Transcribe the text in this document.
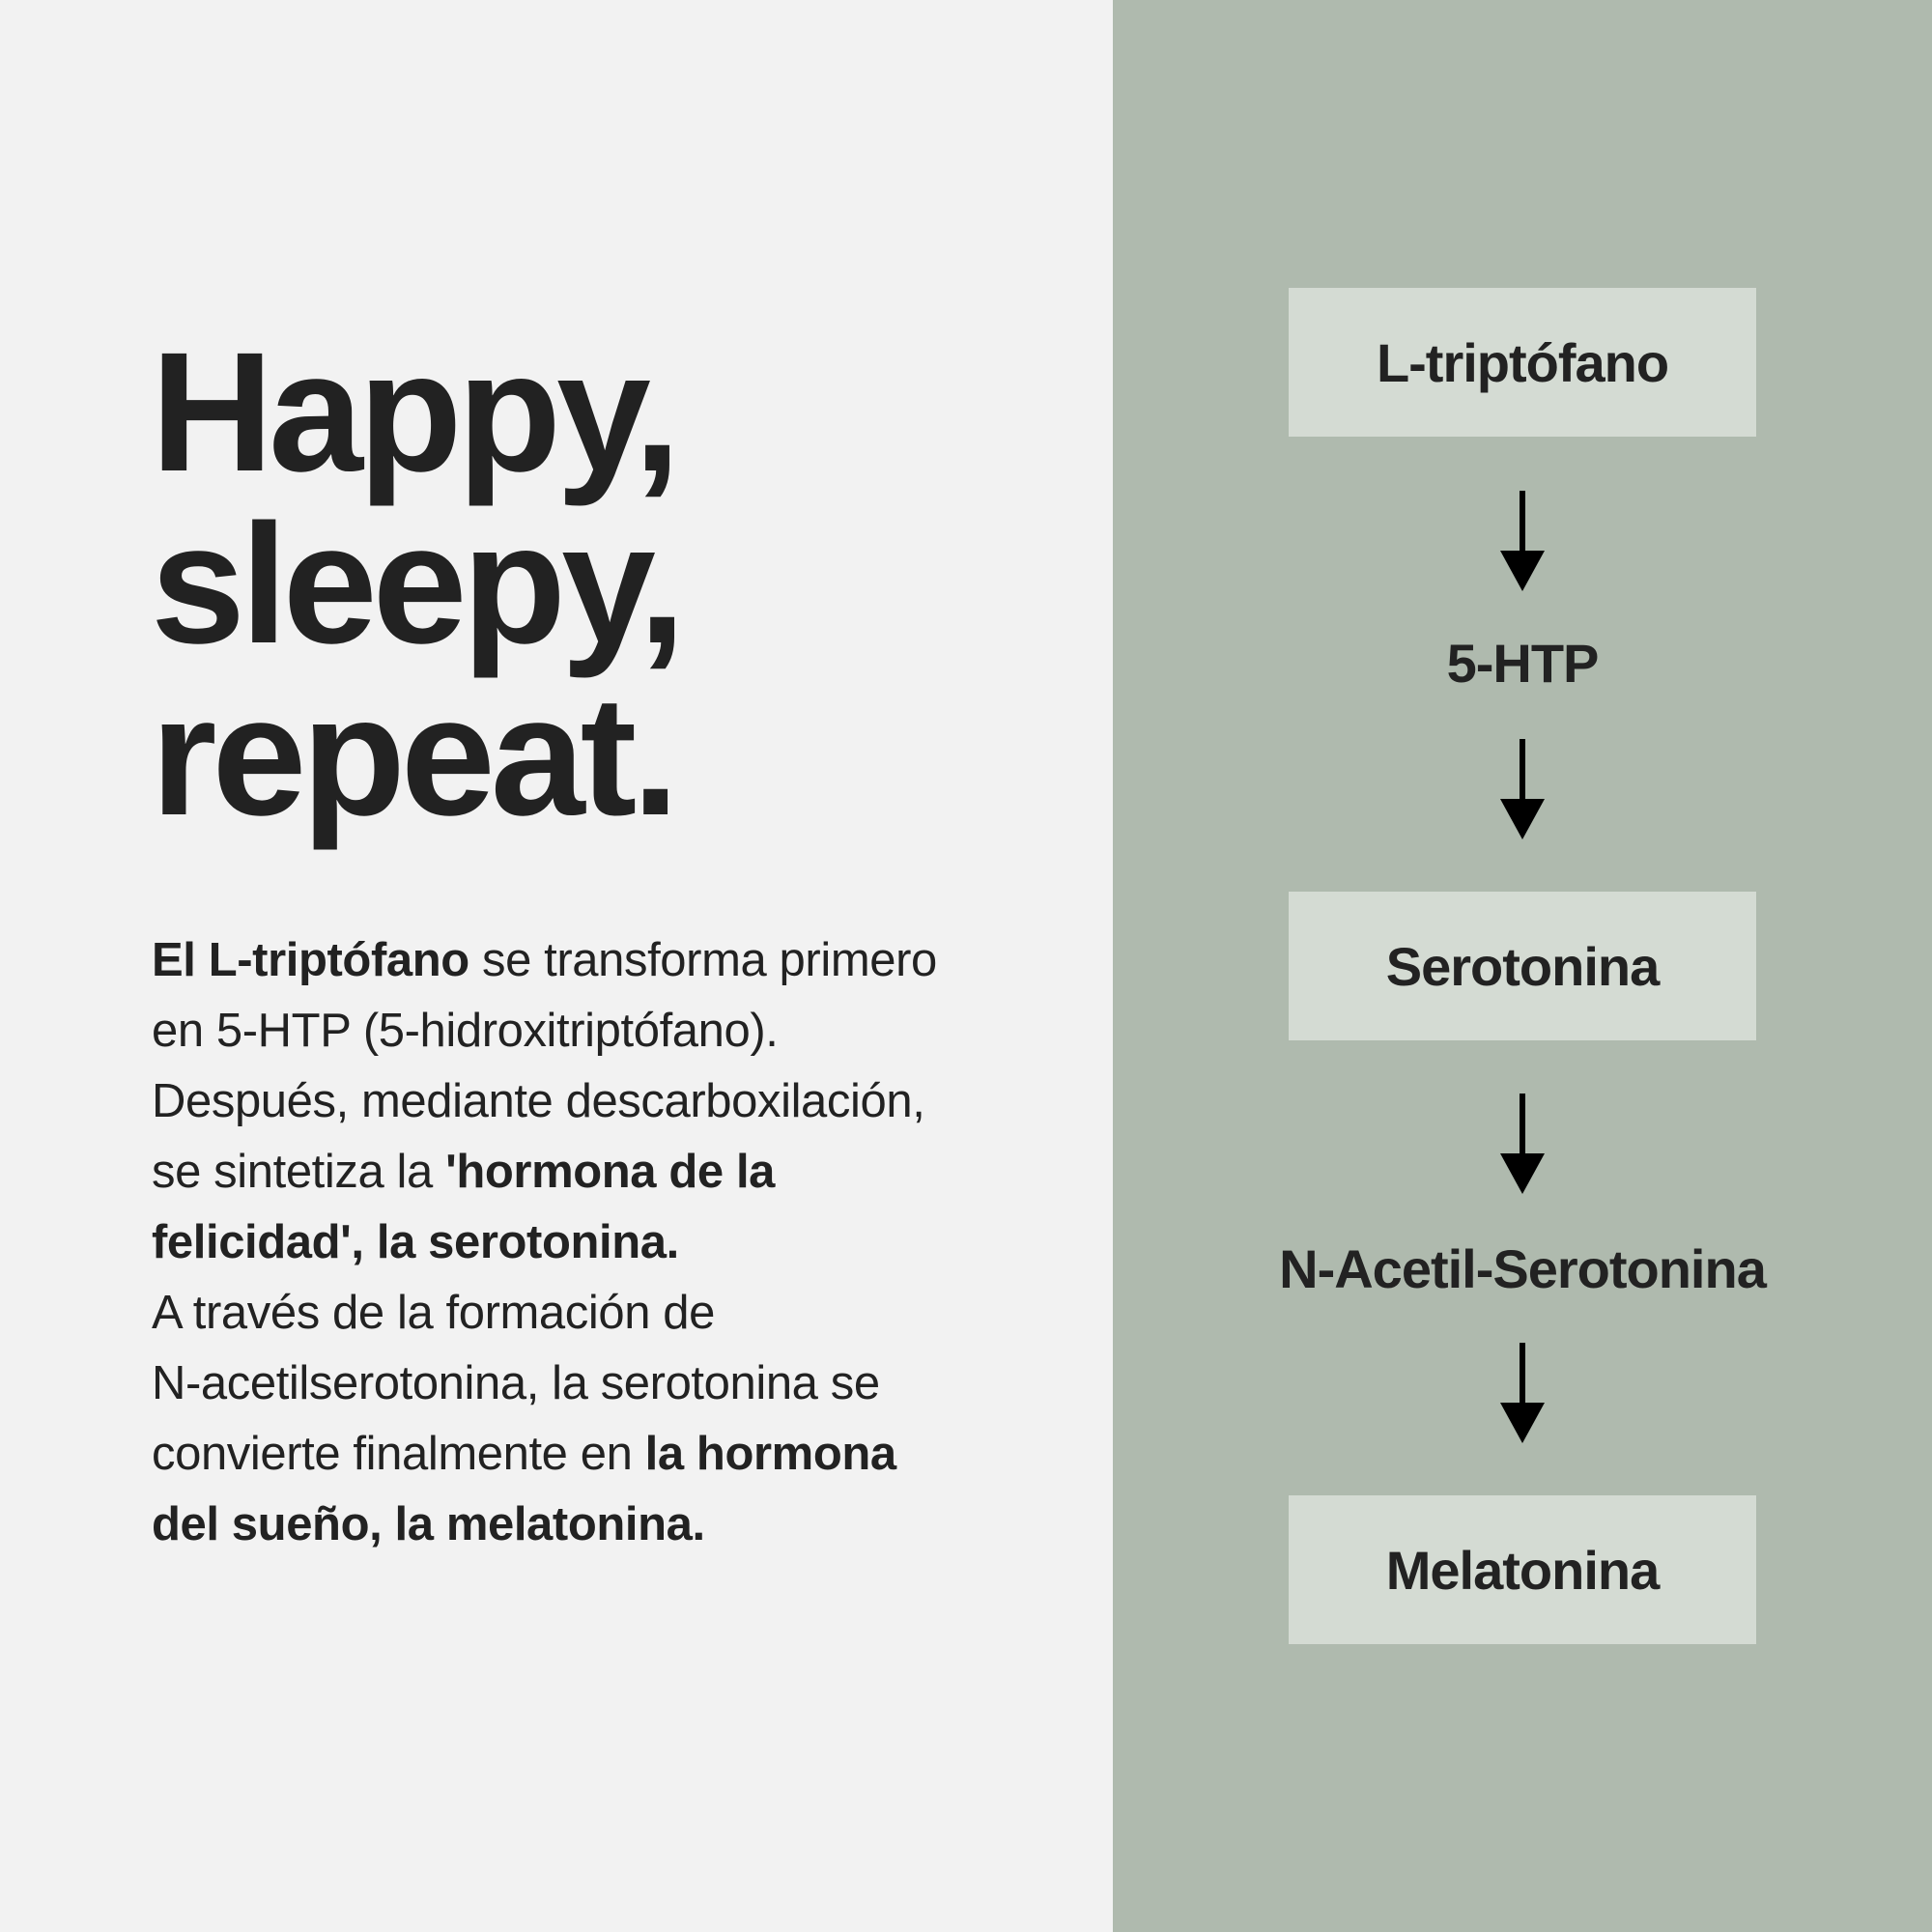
Happy,
sleepy,
repeat.

El L-triptófano se transforma primero
en 5-HTP (5-hidroxitriptófano).
Después, mediante descarboxilación,
se sintetiza la 'hormona de la
felicidad', la serotonina.
A través de la formación de
N-acetilserotonina, la serotonina se
convierte finalmente en la hormona
del sueño, la melatonina.

L-triptófano
5-HTP
Serotonina
N-Acetil-Serotonina
Melatonina
